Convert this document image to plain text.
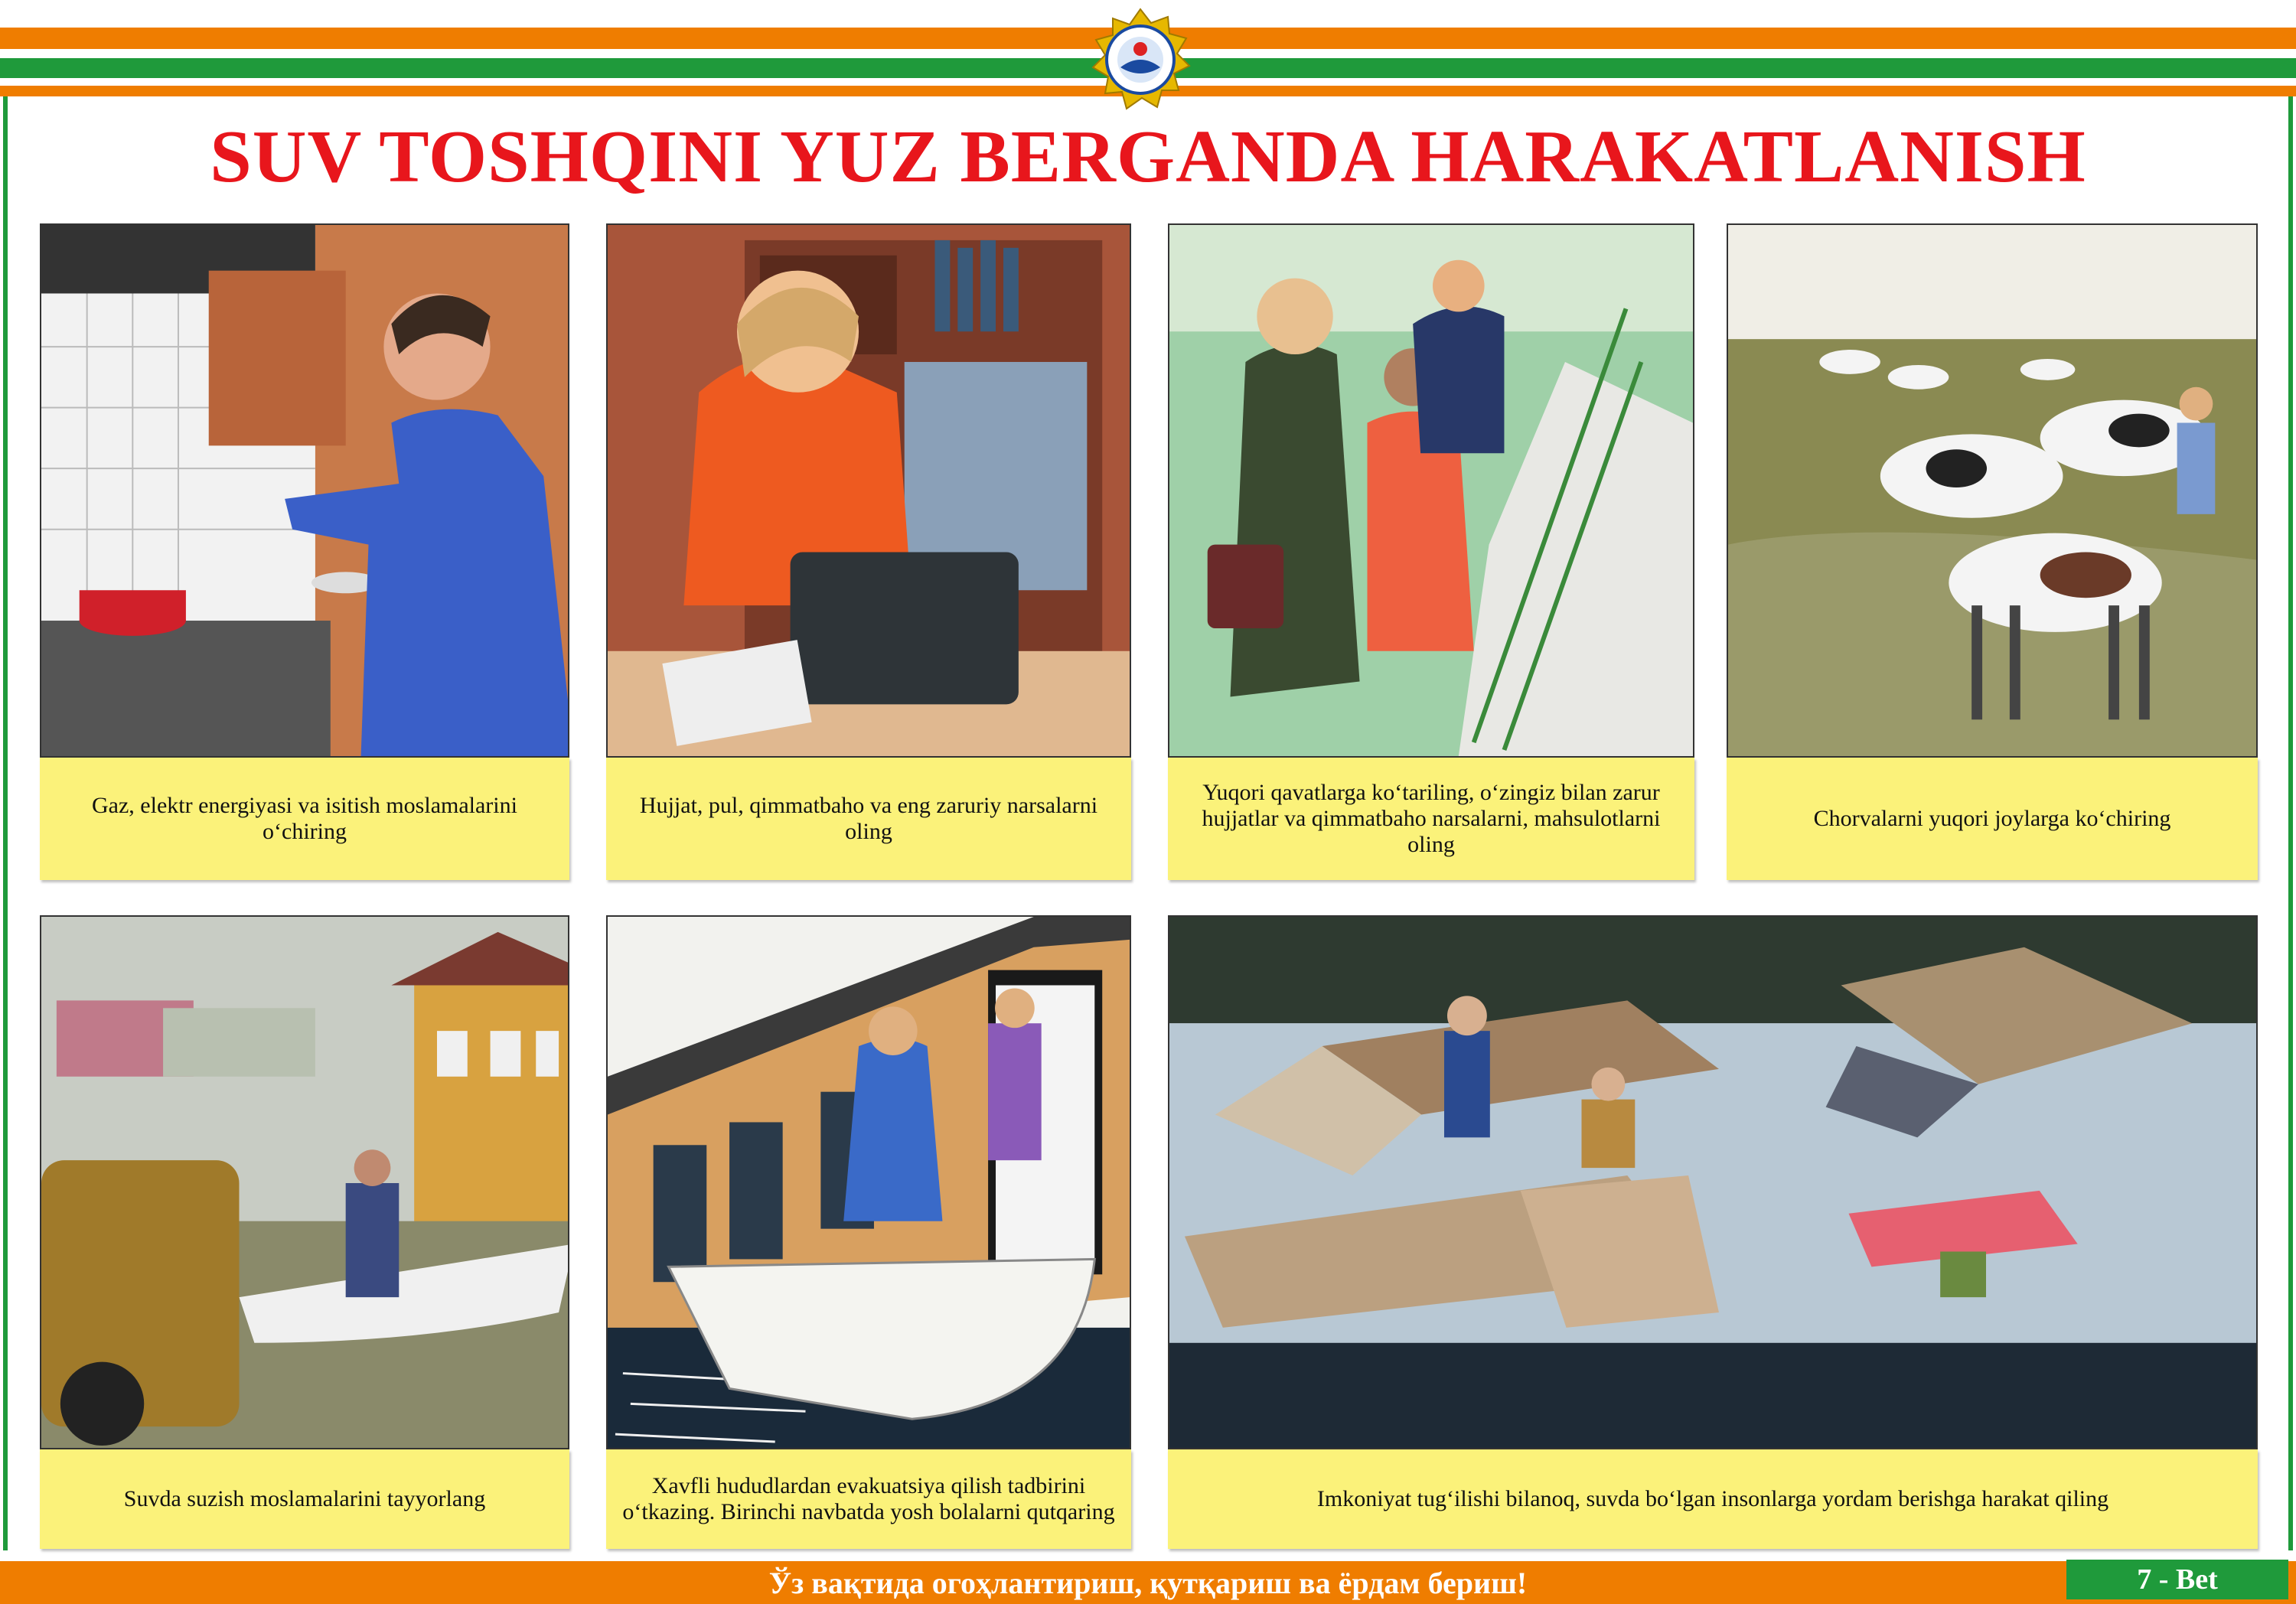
SUV TOSHQINI YUZ BERGANDA HARAKATLANISH
Gaz, elektr energiyasi va isitish moslamalarini o‘chiring
Hujjat, pul, qimmatbaho va eng zaruriy narsalarni oling
Yuqori qavatlarga ko‘tariling, o‘zingiz bilan zarur hujjatlar va qimmatbaho narsalarni, mahsulotlarni oling
Chorvalarni yuqori joylarga ko‘chiring
Suvda suzish moslamalarini tayyorlang
Xavfli hududlardan evakuatsiya qilish tadbirini o‘tkazing. Birinchi navbatda yosh bolalarni qutqaring
Imkoniyat tug‘ilishi bilanoq, suvda bo‘lgan insonlarga yordam berishga harakat qiling
Ўз вақтида огоҳлантириш, қутқариш ва ёрдам бериш!	7 - Bet
